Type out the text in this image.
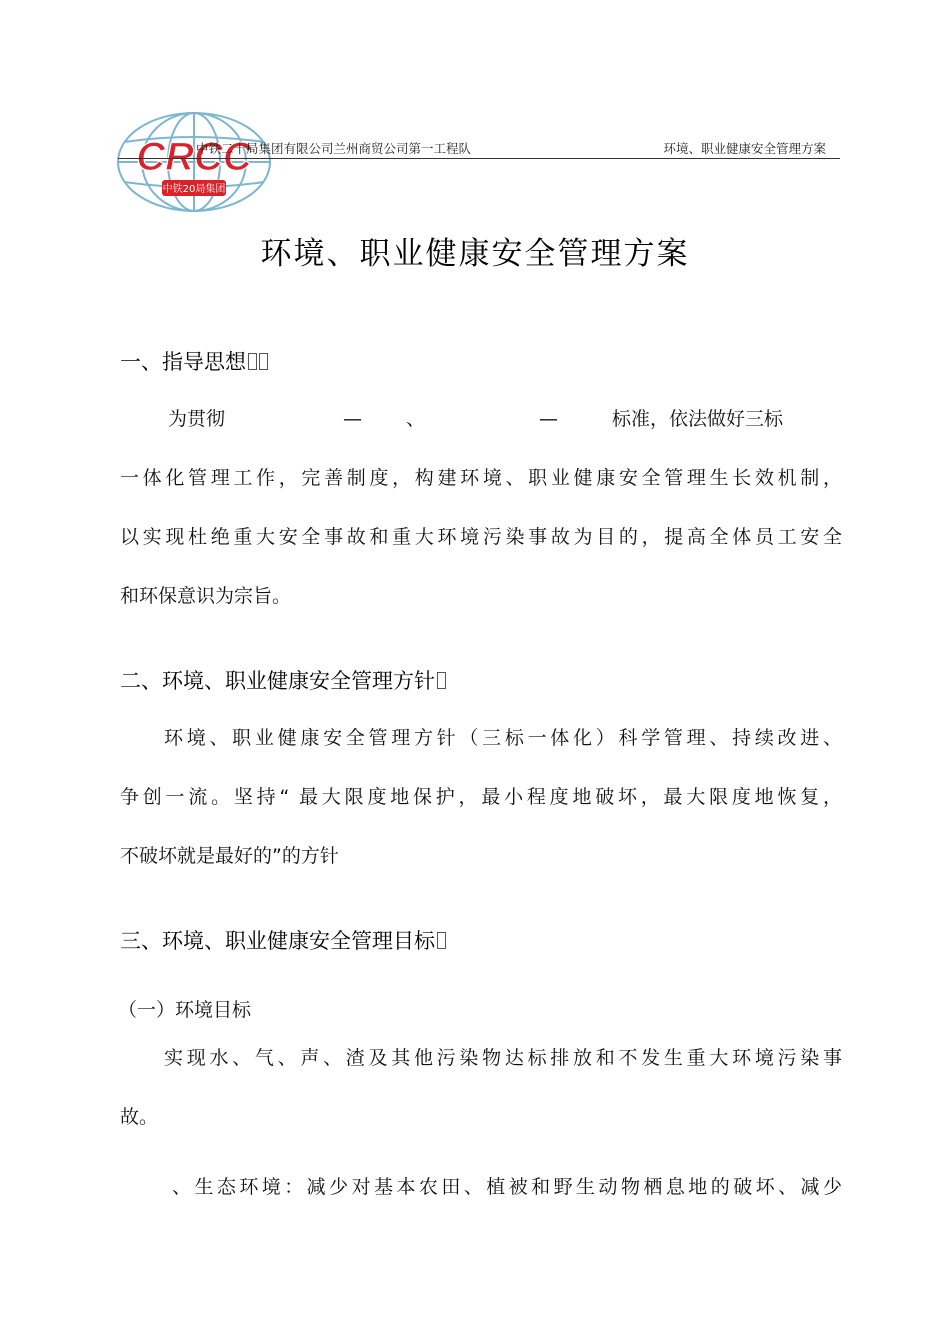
CRCC
中铁20局集团
中铁二十局集团有限公司兰州商贸公司第一工程队	环境、职业健康安全管理方案
环境、职业健康安全管理方案
一、指导思想
为贯彻	— 、	—	标准，依法做好三标
一体化管理工作，完善制度，构建环境、职业健康安全管理生长效机制，
以实现杜绝重大安全事故和重大环境污染事故为目的，提高全体员工安全
和环保意识为宗旨。
二、环境、职业健康安全管理方针
环境、职业健康安全管理方针（三标一体化）科学管理、持续改进、
争创一流。坚持“ 最大限度地保护，最小程度地破坏，最大限度地恢复，
不破坏就是最好的”的方针
三、环境、职业健康安全管理目标
（一）环境目标
实现水、气、声、渣及其他污染物达标排放和不发生重大环境污染事
故。
、生态环境：减少对基本农田、植被和野生动物栖息地的破坏、减少
